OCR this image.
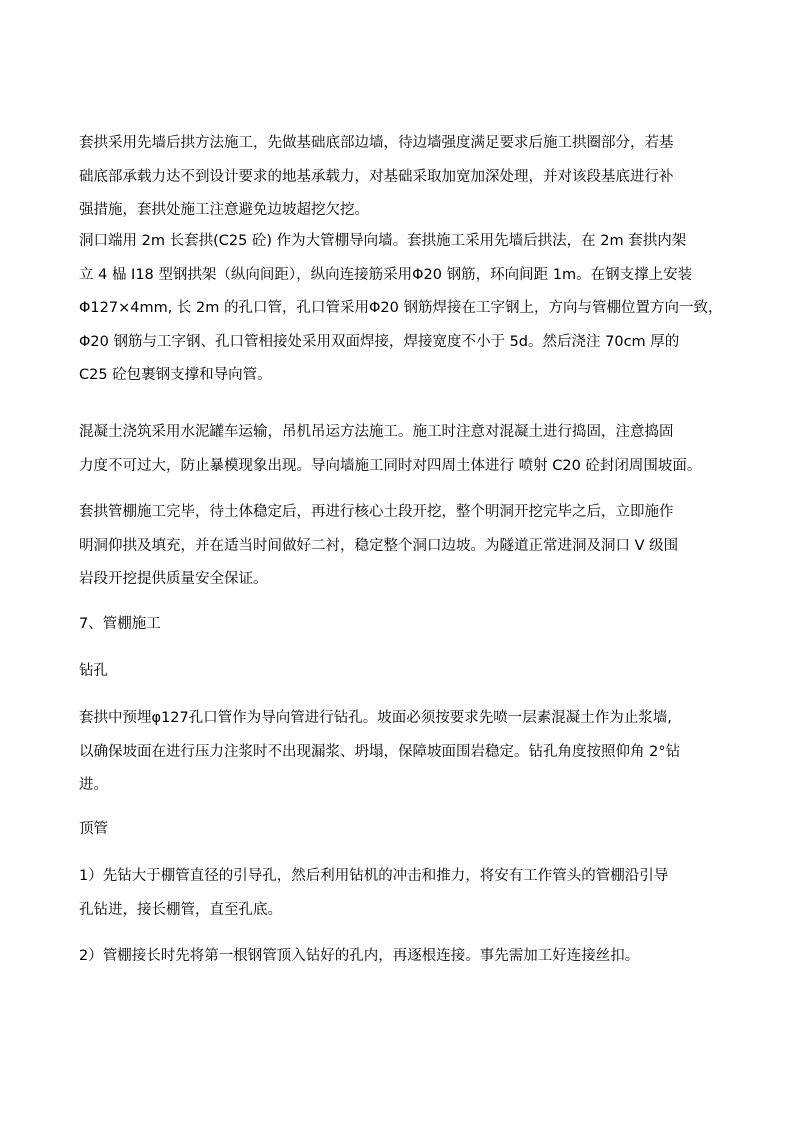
套拱采用先墙后拱方法施工，先做基础底部边墙，待边墙强度满足要求后施工拱圈部分，若基
础底部承载力达不到设计要求的地基承载力，对基础采取加宽加深处理，并对该段基底进行补
强措施，套拱处施工注意避免边坡超挖欠挖。
洞口端用 2m 长套拱(C25 砼) 作为大管棚导向墙。套拱施工采用先墙后拱法，在 2m 套拱内架
立 4 榀 I18 型钢拱架（纵向间距），纵向连接筋采用Φ20 钢筋，环向间距 1m。在钢支撑上安装
Φ127×4mm, 长 2m 的孔口管，孔口管采用Φ20 钢筋焊接在工字钢上，方向与管棚位置方向一致，
Φ20 钢筋与工字钢、孔口管相接处采用双面焊接，焊接宽度不小于 5d。然后浇注 70cm 厚的
C25 砼包裹钢支撑和导向管。
混凝土浇筑采用水泥罐车运输，吊机吊运方法施工。施工时注意对混凝土进行捣固，注意捣固
力度不可过大，防止暴模现象出现。导向墙施工同时对四周土体进行 喷射 C20 砼封闭周围坡面。
套拱管棚施工完毕，待土体稳定后，再进行核心土段开挖，整个明洞开挖完毕之后，立即施作
明洞仰拱及填充，并在适当时间做好二衬，稳定整个洞口边坡。为隧道正常进洞及洞口 V 级围
岩段开挖提供质量安全保证。
7、管棚施工
钻孔
套拱中预埋φ127孔口管作为导向管进行钻孔。坡面必须按要求先喷一层素混凝土作为止浆墙,
以确保坡面在进行压力注浆时不出现漏浆、坍塌，保障坡面围岩稳定。钻孔角度按照仰角 2°钻
进。
顶管
1）先钻大于棚管直径的引导孔，然后利用钻机的冲击和推力，将安有工作管头的管棚沿引导
孔钻进，接长棚管，直至孔底。
2）管棚接长时先将第一根钢管顶入钻好的孔内，再逐根连接。事先需加工好连接丝扣。
